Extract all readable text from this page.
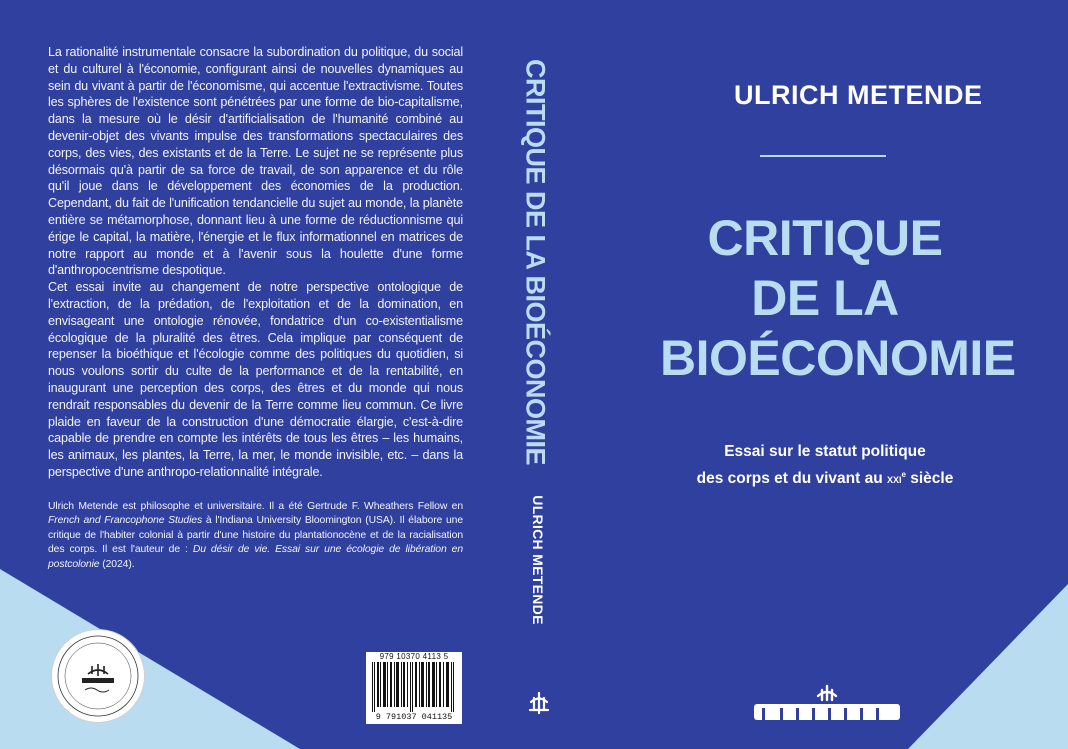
La rationalité instrumentale consacre la subordination du politique, du social et du culturel à l'économie, configurant ainsi de nouvelles dynamiques au sein du vivant à partir de l'économisme, qui accentue l'extractivisme. Toutes les sphères de l'existence sont pénétrées par une forme de bio-capitalisme, dans la mesure où le désir d'artificialisation de l'humanité combiné au devenir-objet des vivants impulse des transformations spectaculaires des corps, des vies, des existants et de la Terre. Le sujet ne se représente plus désormais qu'à partir de sa force de travail, de son apparence et du rôle qu'il joue dans le développement des économies de la production. Cependant, du fait de l'unification tendancielle du sujet au monde, la planète entière se métamorphose, donnant lieu à une forme de réductionnisme qui érige le capital, la matière, l'énergie et le flux informationnel en matrices de notre rapport au monde et à l'avenir sous la houlette d'une forme d'anthropocentrisme despotique.

Cet essai invite au changement de notre perspective ontologique de l'extraction, de la prédation, de l'exploitation et de la domination, en envisageant une ontologie rénovée, fondatrice d'un co-existentialisme écologique de la pluralité des êtres. Cela implique par conséquent de repenser la bioéthique et l'écologie comme des politiques du quotidien, si nous voulons sortir du culte de la performance et de la rentabilité, en inaugurant une perception des corps, des êtres et du monde qui nous rendrait responsables du devenir de la Terre comme lieu commun. Ce livre plaide en faveur de la construction d'une démocratie élargie, c'est-à-dire capable de prendre en compte les intérêts de tous les êtres – les humains, les animaux, les plantes, la Terre, la mer, le monde invisible, etc. – dans la perspective d'une anthropo-relationnalité intégrale.

Ulrich Metende est philosophe et universitaire. Il a été Gertrude F. Wheathers Fellow en French and Francophone Studies à l'Indiana University Bloomington (USA). Il élabore une critique de l'habiter colonial à partir d'une histoire du plantationocène et de la racialisation des corps. Il est l'auteur de : Du désir de vie. Essai sur une écologie de libération en postcolonie (2024).

979 10370 4113 5
9 791037 041135
CRITIQUE DE LA BIOÉCONOMIE
ULRICH METENDE
ULRICH METENDE
CRITIQUE
DE LA
BIOÉCONOMIE
Essai sur le statut politique
des corps et du vivant au XXIe siècle
